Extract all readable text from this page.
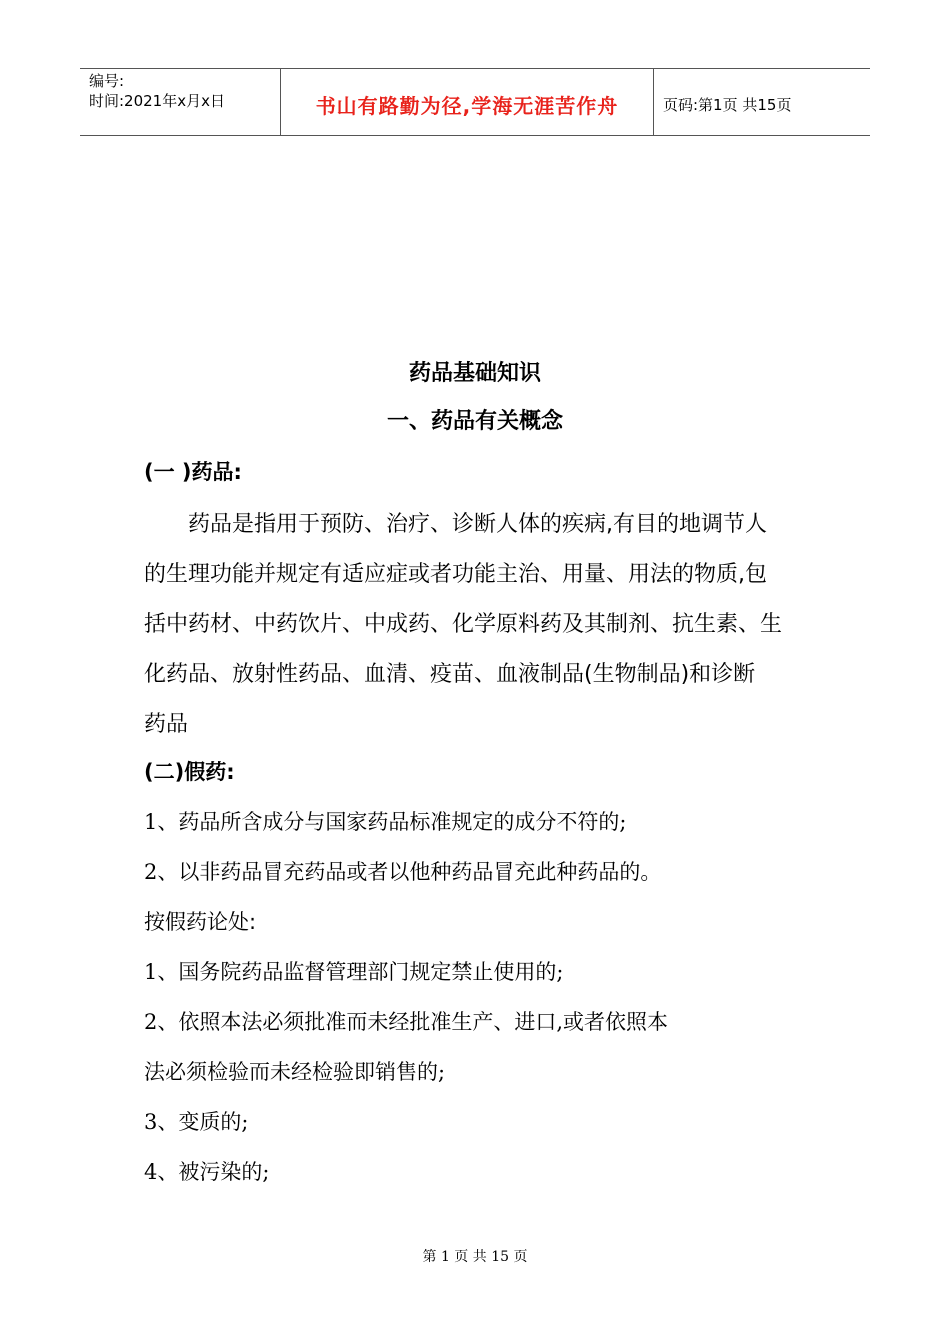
编号:
时间:2021年x月x日	书山有路勤为径,学海无涯苦作舟	页码:第1页 共15页
药品基础知识
一、药品有关概念
(一 )药品:
药品是指用于预防、治疗、诊断人体的疾病,有目的地调节人
的生理功能并规定有适应症或者功能主治、用量、用法的物质,包
括中药材、中药饮片、中成药、化学原料药及其制剂、抗生素、生
化药品、放射性药品、血清、疫苗、血液制品(生物制品)和诊断
药品
(二)假药:
1、药品所含成分与国家药品标准规定的成分不符的;
2、以非药品冒充药品或者以他种药品冒充此种药品的。
按假药论处:
1、国务院药品监督管理部门规定禁止使用的;
2、依照本法必须批准而未经批准生产、进口,或者依照本
法必须检验而未经检验即销售的;
3、变质的;
4、被污染的;
第 1 页 共 15 页
